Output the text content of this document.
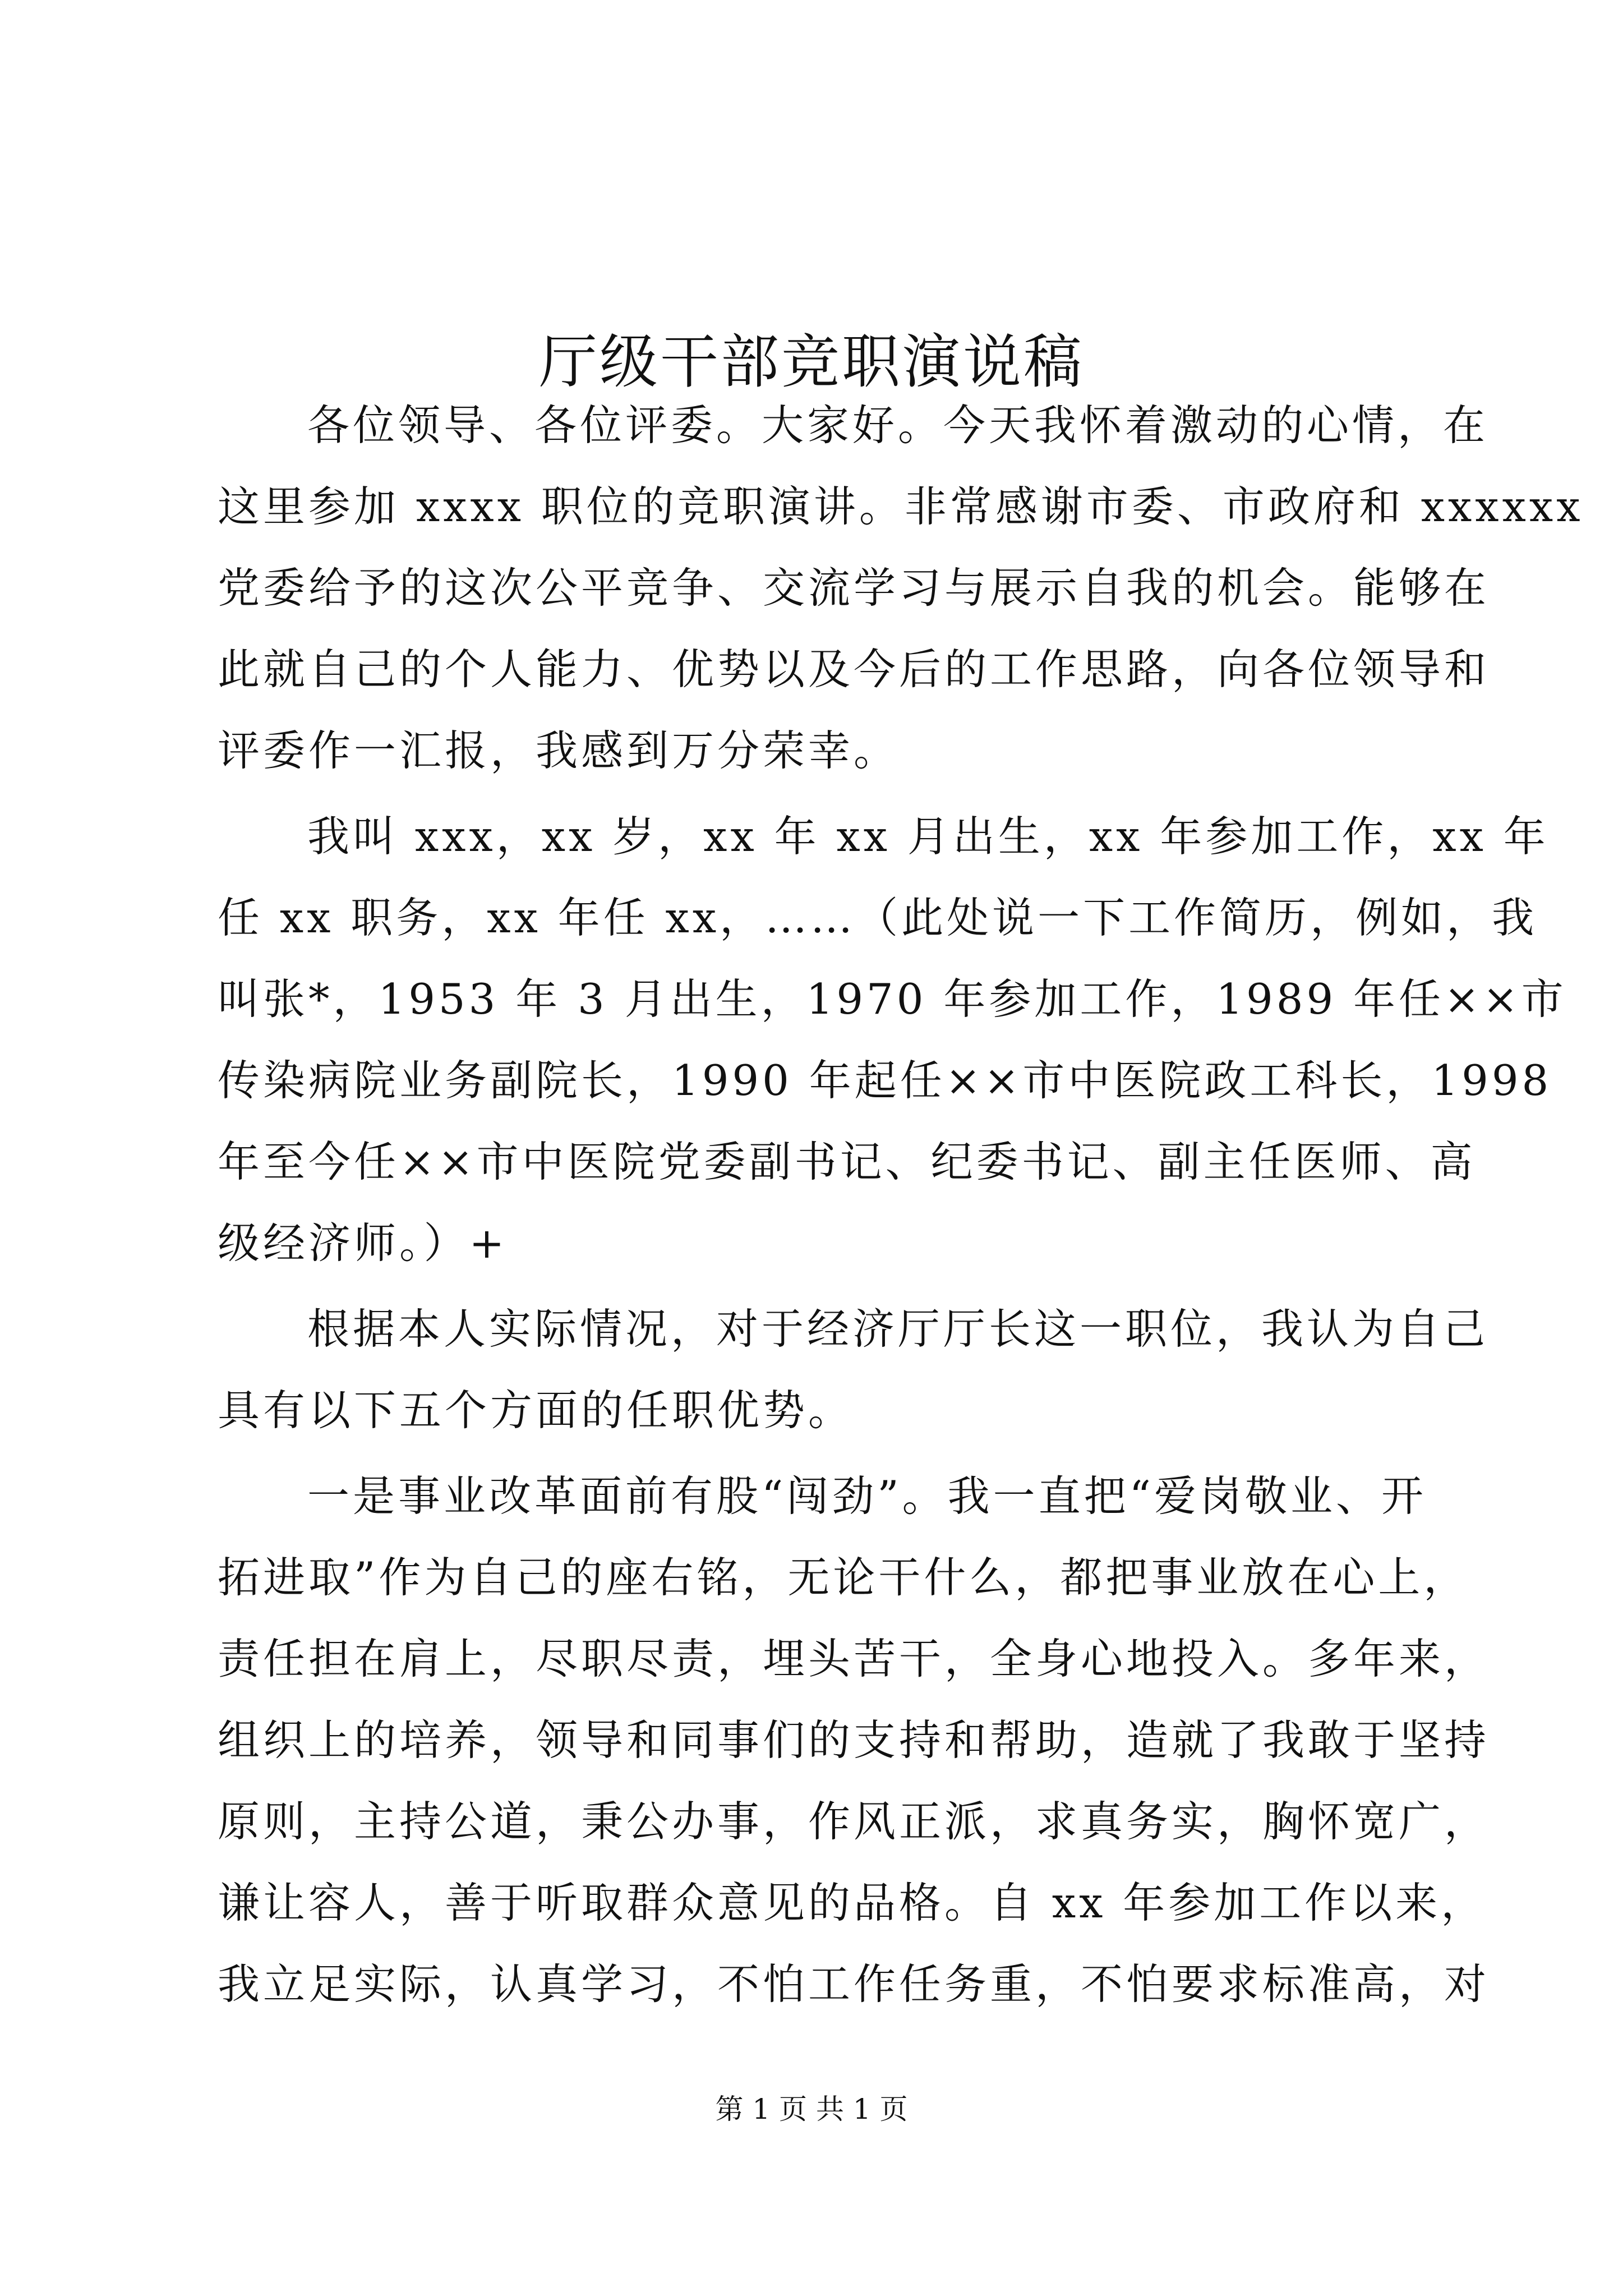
厅级干部竞职演说稿
各位领导、各位评委。大家好。今天我怀着激动的心情，在
这里参加 xxxx 职位的竞职演讲。非常感谢市委、市政府和 xxxxxx
党委给予的这次公平竞争、交流学习与展示自我的机会。能够在
此就自己的个人能力、优势以及今后的工作思路，向各位领导和
评委作一汇报，我感到万分荣幸。
我叫 xxx，xx 岁，xx 年 xx 月出生，xx 年参加工作，xx 年
任 xx 职务，xx 年任 xx，……（此处说一下工作简历，例如，我
叫张*，1953 年 3 月出生，1970 年参加工作，1989 年任××市
传染病院业务副院长，1990 年起任××市中医院政工科长，1998
年至今任××市中医院党委副书记、纪委书记、副主任医师、高
级经济师。）+
根据本人实际情况，对于经济厅厅长这一职位，我认为自己
具有以下五个方面的任职优势。
一是事业改革面前有股“闯劲”。我一直把“爱岗敬业、开
拓进取”作为自己的座右铭，无论干什么，都把事业放在心上，
责任担在肩上，尽职尽责，埋头苦干，全身心地投入。多年来，
组织上的培养，领导和同事们的支持和帮助，造就了我敢于坚持
原则，主持公道，秉公办事，作风正派，求真务实，胸怀宽广，
谦让容人，善于听取群众意见的品格。自 xx 年参加工作以来，
我立足实际，认真学习，不怕工作任务重，不怕要求标准高，对
第 1 页 共 1 页
